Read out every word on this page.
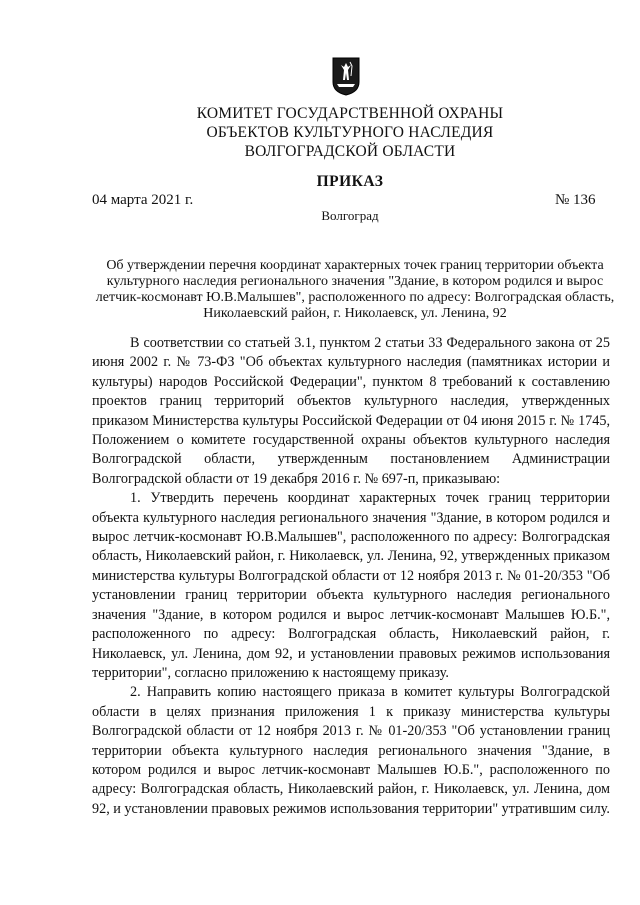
КОМИТЕТ ГОСУДАРСТВЕННОЙ ОХРАНЫ
ОБЪЕКТОВ КУЛЬТУРНОГО НАСЛЕДИЯ
ВОЛГОГРАДСКОЙ ОБЛАСТИ
ПРИКАЗ
04 марта 2021 г.	№ 136
Волгоград
Об утверждении перечня координат характерных точек границ территории объекта культурного наследия регионального значения "Здание, в котором родился и вырос летчик-космонавт Ю.В.Малышев", расположенного по адресу: Волгоградская область, Николаевский район, г. Николаевск, ул. Ленина, 92

В соответствии со статьей 3.1, пунктом 2 статьи 33 Федерального закона от 25 июня 2002 г. № 73-ФЗ "Об объектах культурного наследия (памятниках истории и культуры) народов Российской Федерации", пунктом 8 требований к составлению проектов границ территорий объектов культурного наследия, утвержденных приказом Министерства культуры Российской Федерации от 04 июня 2015 г. № 1745, Положением о комитете государственной охраны объектов культурного наследия Волгоградской области, утвержденным постановлением Администрации Волгоградской области от 19 декабря 2016 г. № 697-п, приказываю:

1. Утвердить перечень координат характерных точек границ территории объекта культурного наследия регионального значения "Здание, в котором родился и вырос летчик-космонавт Ю.В.Малышев", расположенного по адресу: Волгоградская область, Николаевский район, г. Николаевск, ул. Ленина, 92, утвержденных приказом министерства культуры Волгоградской области от 12 ноября 2013 г. № 01-20/353 "Об установлении границ территории объекта культурного наследия регионального значения "Здание, в котором родился и вырос летчик-космонавт Малышев Ю.Б.", расположенного по адресу: Волгоградская область, Николаевский район, г. Николаевск, ул. Ленина, дом 92, и установлении правовых режимов использования территории", согласно приложению к настоящему приказу.

2. Направить копию настоящего приказа в комитет культуры Волгоградской области в целях признания приложения 1 к приказу министерства культуры Волгоградской области от 12 ноября 2013 г. № 01-20/353 "Об установлении границ территории объекта культурного наследия регионального значения "Здание, в котором родился и вырос летчик-космонавт Малышев Ю.Б.", расположенного по адресу: Волгоградская область, Николаевский район, г. Николаевск, ул. Ленина, дом 92, и установлении правовых режимов использования территории" утратившим силу.
